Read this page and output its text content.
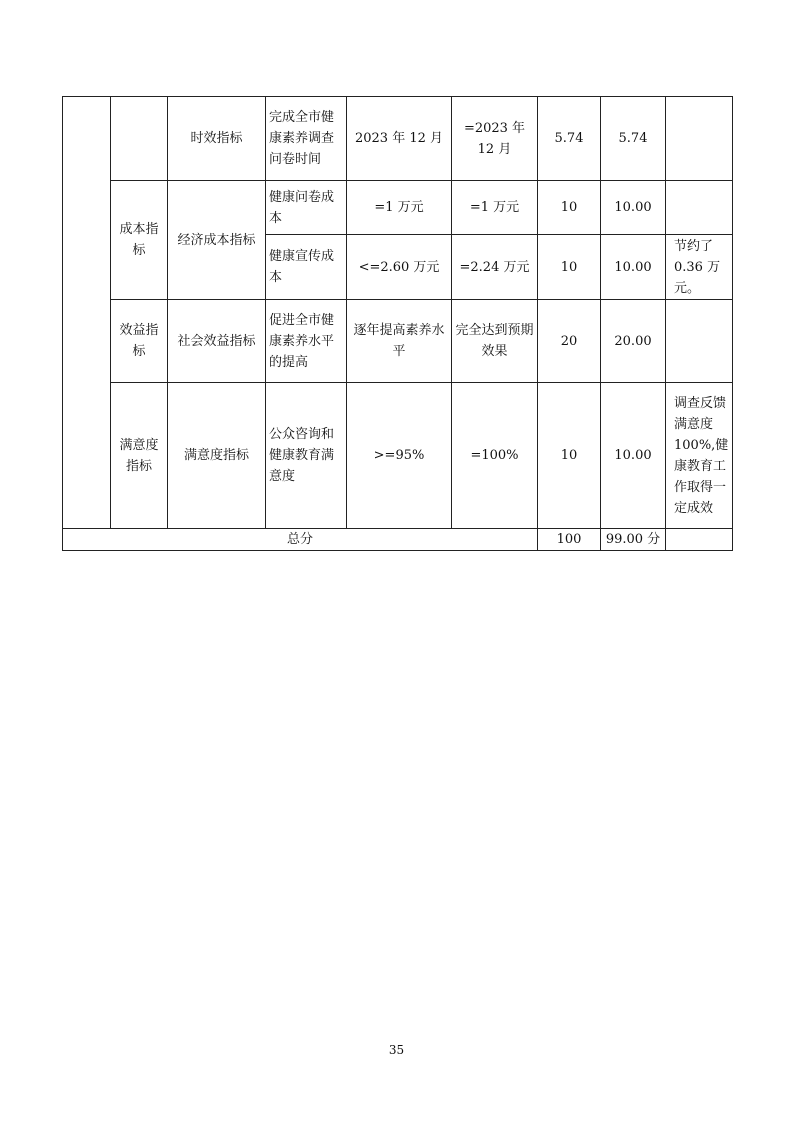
		时效指标	完成全市健康素养调查问卷时间	2023 年 12 月	=2023 年 12 月	5.74	5.74	
	成本指标	经济成本指标	健康问卷成本	=1 万元	=1 万元	10	10.00	
			健康宣传成本	<=2.60 万元	=2.24 万元	10	10.00	节约了0.36 万元。
	效益指标	社会效益指标	促进全市健康素养水平的提高	逐年提高素养水平	完全达到预期效果	20	20.00	
	满意度指标	满意度指标	公众咨询和健康教育满意度	>=95%	=100%	10	10.00	调查反馈满意度 100%,健康教育工作取得一定成效
总分						100	99.00 分	
35
